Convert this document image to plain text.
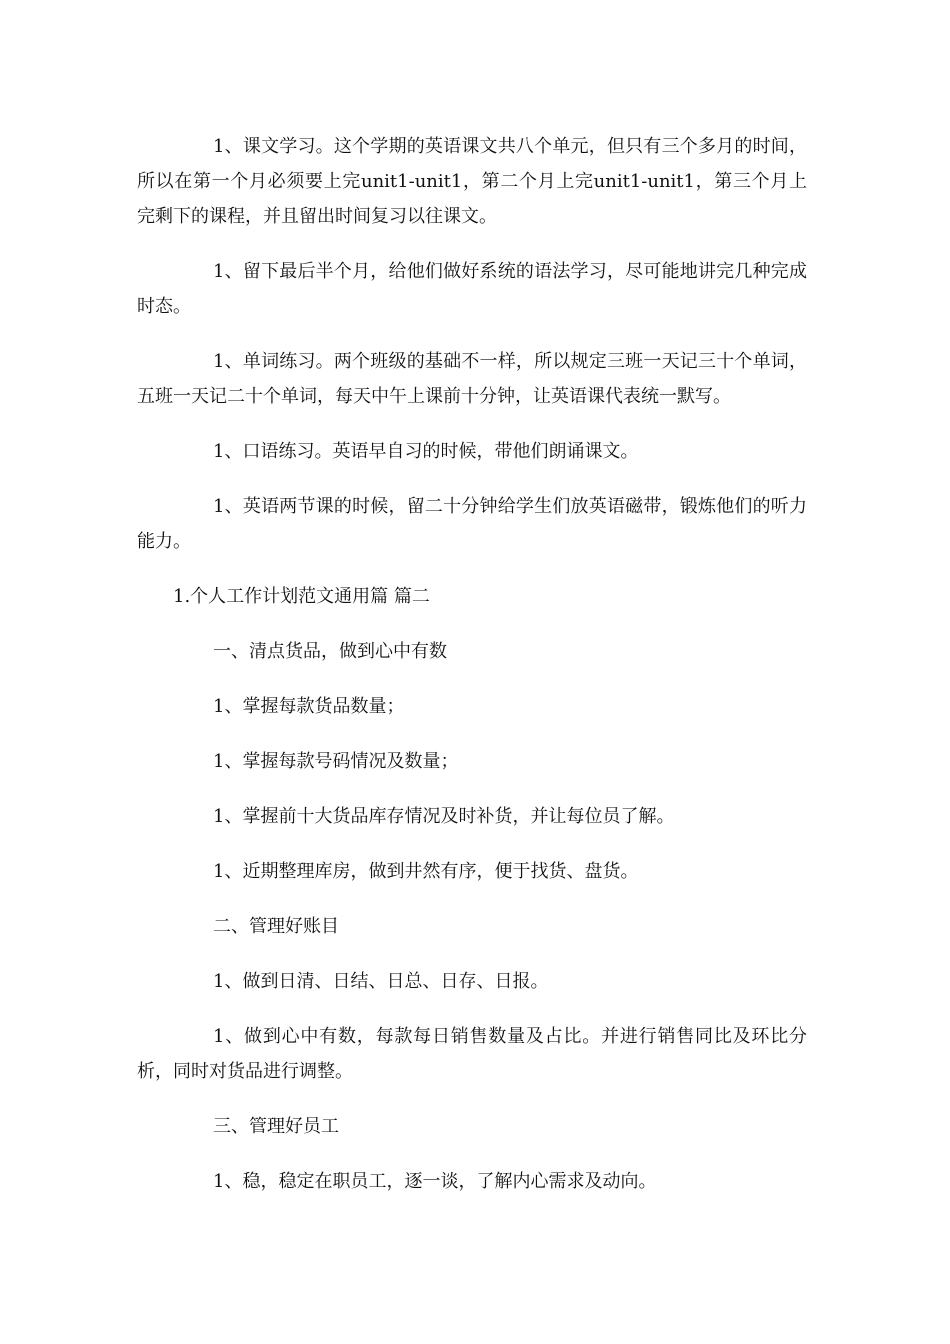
1、课文学习。这个学期的英语课文共八个单元，但只有三个多月的时间，所以在第一个月必须要上完unit1-unit1，第二个月上完unit1-unit1，第三个月上完剩下的课程，并且留出时间复习以往课文。

1、留下最后半个月，给他们做好系统的语法学习，尽可能地讲完几种完成时态。

1、单词练习。两个班级的基础不一样，所以规定三班一天记三十个单词，五班一天记二十个单词，每天中午上课前十分钟，让英语课代表统一默写。

1、口语练习。英语早自习的时候，带他们朗诵课文。

1、英语两节课的时候，留二十分钟给学生们放英语磁带，锻炼他们的听力能力。

1.个人工作计划范文通用篇 篇二

一、清点货品，做到心中有数

1、掌握每款货品数量；

1、掌握每款号码情况及数量；

1、掌握前十大货品库存情况及时补货，并让每位员了解。

1、近期整理库房，做到井然有序，便于找货、盘货。

二、管理好账目

1、做到日清、日结、日总、日存、日报。

1、做到心中有数，每款每日销售数量及占比。并进行销售同比及环比分析，同时对货品进行调整。

三、管理好员工

1、稳，稳定在职员工，逐一谈，了解内心需求及动向。
